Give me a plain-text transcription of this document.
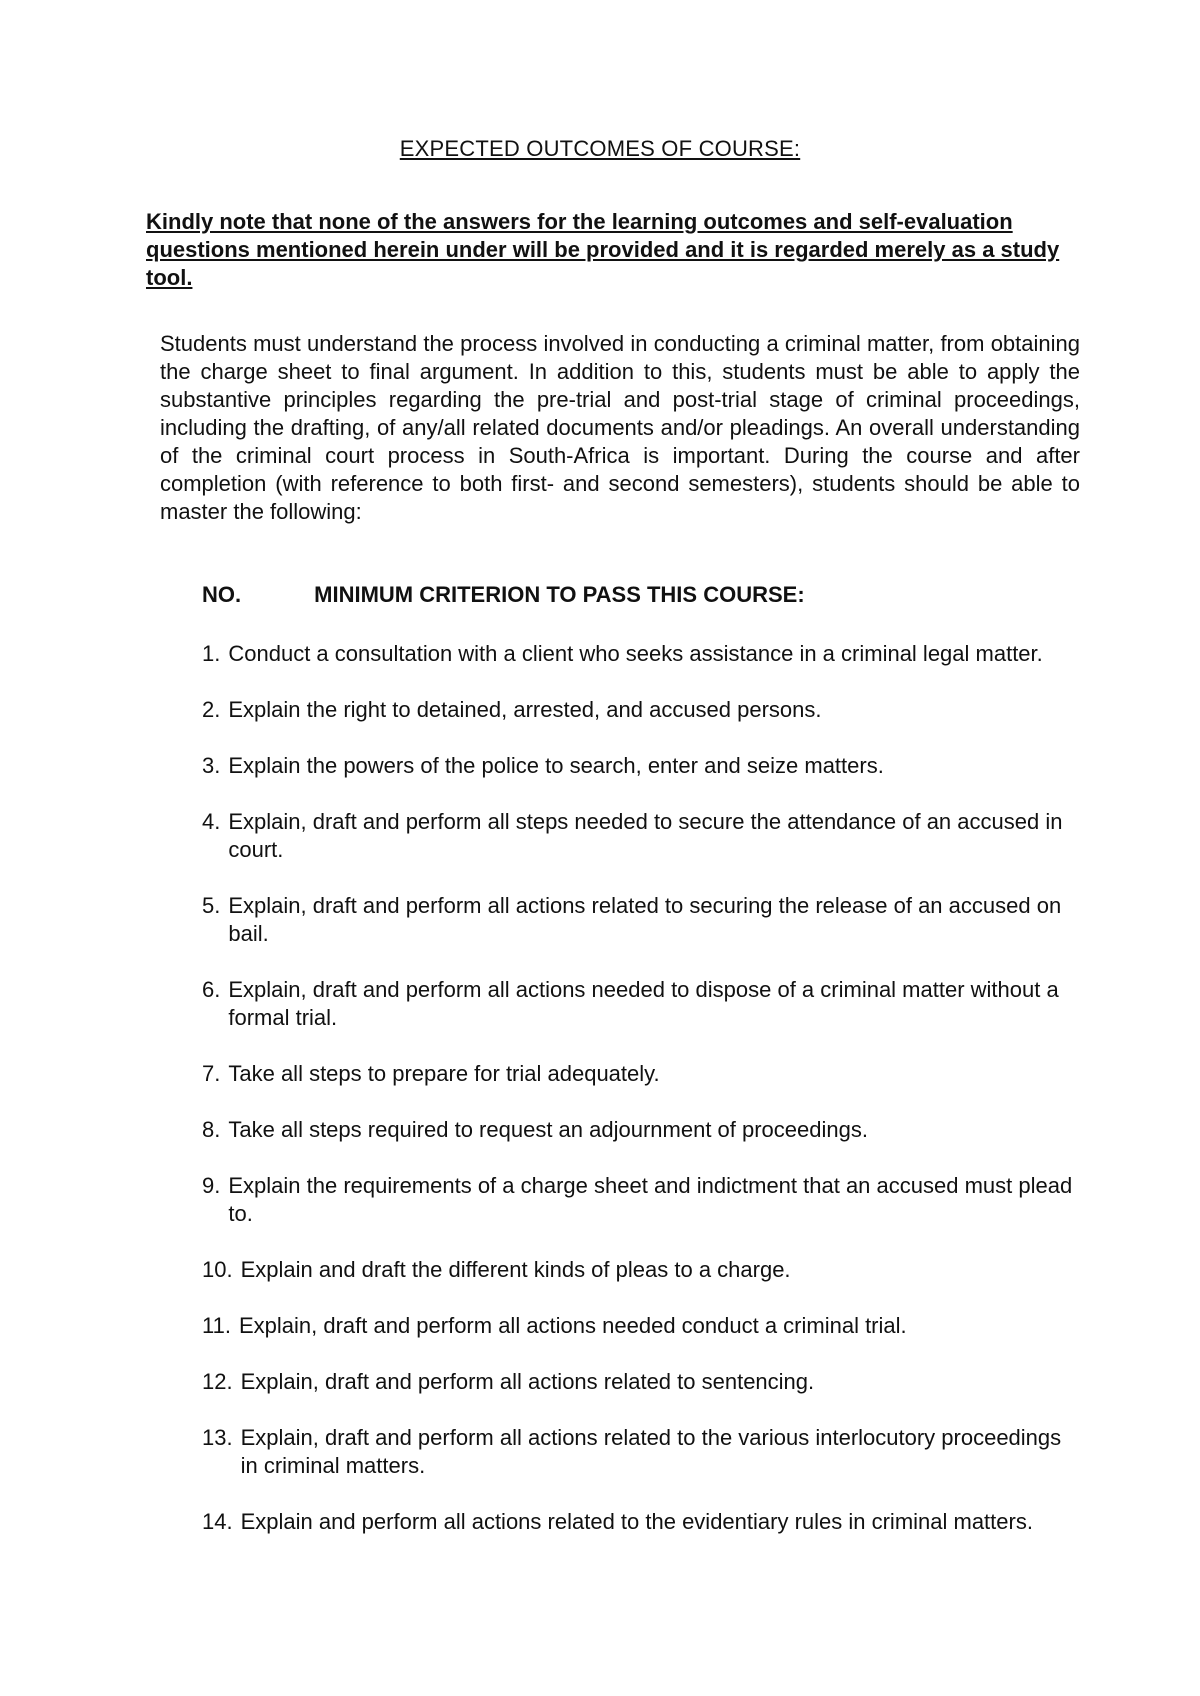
EXPECTED OUTCOMES OF COURSE:
Kindly note that none of the answers for the learning outcomes and self-evaluation questions mentioned herein under will be provided and it is regarded merely as a study tool.
Students must understand the process involved in conducting a criminal matter, from obtaining the charge sheet to final argument. In addition to this, students must be able to apply the substantive principles regarding the pre-trial and post-trial stage of criminal proceedings, including the drafting, of any/all related documents and/or pleadings. An overall understanding of the criminal court process in South-Africa is important. During the course and after completion (with reference to both first- and second semesters), students should be able to master the following:
NO.	MINIMUM CRITERION TO PASS THIS COURSE:
1. Conduct a consultation with a client who seeks assistance in a criminal legal matter.
2. Explain the right to detained, arrested, and accused persons.
3. Explain the powers of the police to search, enter and seize matters.
4. Explain, draft and perform all steps needed to secure the attendance of an accused in court.
5. Explain, draft and perform all actions related to securing the release of an accused on bail.
6. Explain, draft and perform all actions needed to dispose of a criminal matter without a formal trial.
7. Take all steps to prepare for trial adequately.
8. Take all steps required to request an adjournment of proceedings.
9. Explain the requirements of a charge sheet and indictment that an accused must plead to.
10. Explain and draft the different kinds of pleas to a charge.
11. Explain, draft and perform all actions needed conduct a criminal trial.
12. Explain, draft and perform all actions related to sentencing.
13. Explain, draft and perform all actions related to the various interlocutory proceedings in criminal matters.
14. Explain and perform all actions related to the evidentiary rules in criminal matters.
